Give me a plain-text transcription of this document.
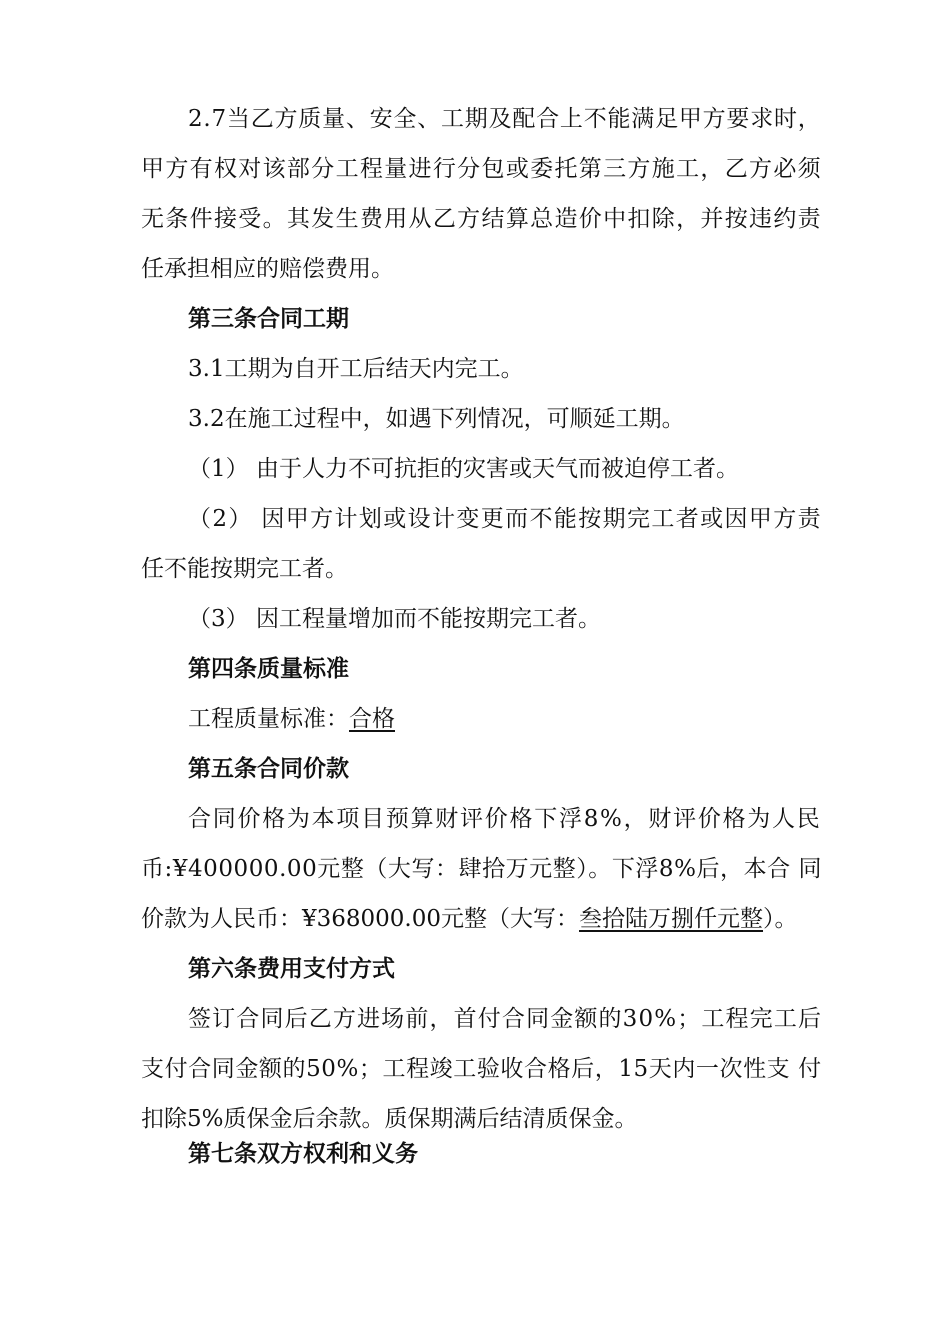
2.7当乙方质量、安全、工期及配合上不能满足甲方要求时，
甲方有权对该部分工程量进行分包或委托第三方施工，乙方必须
无条件接受。其发生费用从乙方结算总造价中扣除，并按违约责
任承担相应的赔偿费用。
第三条合同工期
3.1工期为自开工后结天内完工。
3.2在施工过程中，如遇下列情况，可顺延工期。
（1） 由于人力不可抗拒的灾害或天气而被迫停工者。
（2） 因甲方计划或设计变更而不能按期完工者或因甲方责
任不能按期完工者。
（3） 因工程量增加而不能按期完工者。
第四条质量标准
工程质量标准：合格
第五条合同价款
合同价格为本项目预算财评价格下浮8%，财评价格为人民
币:¥400000.00元整（大写：肆拾万元整）。下浮8%后，本合 同
价款为人民币：¥368000.00元整（大写：叁拾陆万捌仟元整）。
第六条费用支付方式
签订合同后乙方进场前，首付合同金额的30%；工程完工后
支付合同金额的50%；工程竣工验收合格后，15天内一次性支 付
扣除5%质保金后余款。质保期满后结清质保金。
第七条双方权利和义务
